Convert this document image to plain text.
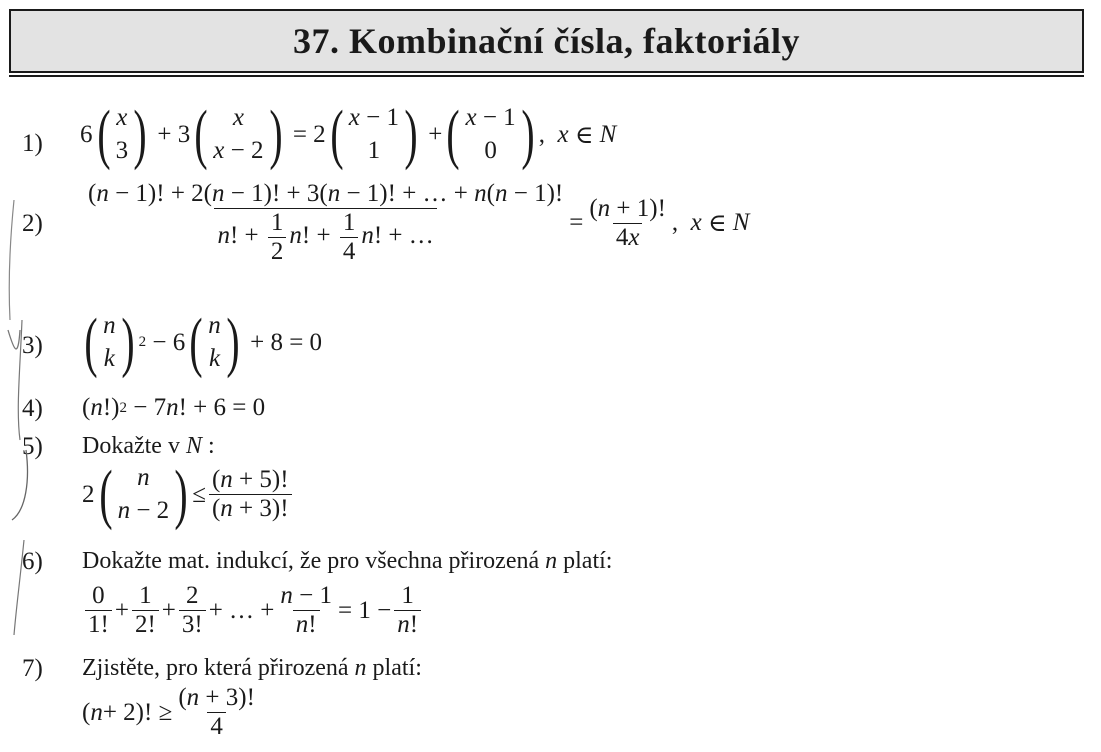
37. Kombinační čísla, faktoriály
1) 6 ( x
3 ) + 3 ( x
x − 2 ) = 2 ( x − 1
1 ) + ( x − 1
0 ) , x ∈ N
$2) \frac{(n - 1)! + 2(n - 1)! + 3(n - 1)! + \dots + n(n - 1)!}{n! + \frac{1}{2} n! + \frac{1}{4} n! + \dots} = \frac{(n + 1)!}{4x}$ , x ∈ N
3) ( n
k ) 2 − 6 ( n
k ) + 8 = 0
4) ( n !) 2 − 7 n ! + 6 = 0
5) Dokažte v N :
2 ( n
n − 2 ) ≤ $\frac{(n + 5)!}{(n + 3)!}$
6) Dokažte mat. indukcí, že pro všechna přirozená n platí:
$\frac{0}{1!} + \frac{1}{2!} + \frac{2}{3!}$ + … + $\frac{n - 1}{n!} = 1 - \frac{1}{n!}$
7) Zjistěte, pro která přirozená n platí:
( n + 2)! ≥ $\frac{(n + 3)!}{4}$
